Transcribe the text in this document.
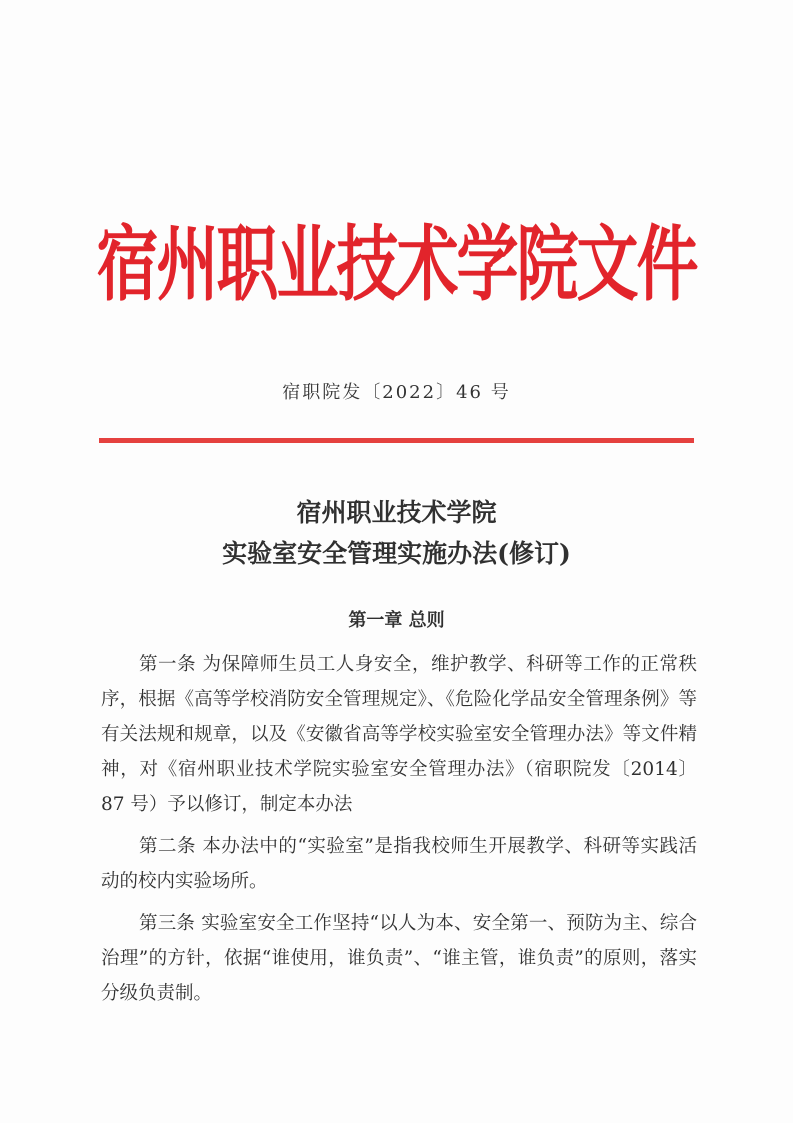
宿州职业技术学院文件
宿职院发〔2022〕46 号
宿州职业技术学院
实验室安全管理实施办法(修订)
第一章 总则

第一条 为保障师生员工人身安全，维护教学、科研等工作的正常秩序，根据《高等学校消防安全管理规定》、《危险化学品安全管理条例》等有关法规和规章，以及《安徽省高等学校实验室安全管理办法》等文件精神，对《宿州职业技术学院实验室安全管理办法》（宿职院发〔2014〕87 号）予以修订，制定本办法

第二条 本办法中的“实验室”是指我校师生开展教学、科研等实践活动的校内实验场所。

第三条 实验室安全工作坚持“以人为本、安全第一、预防为主、综合治理”的方针，依据“谁使用，谁负责”、“谁主管，谁负责”的原则，落实分级负责制。
